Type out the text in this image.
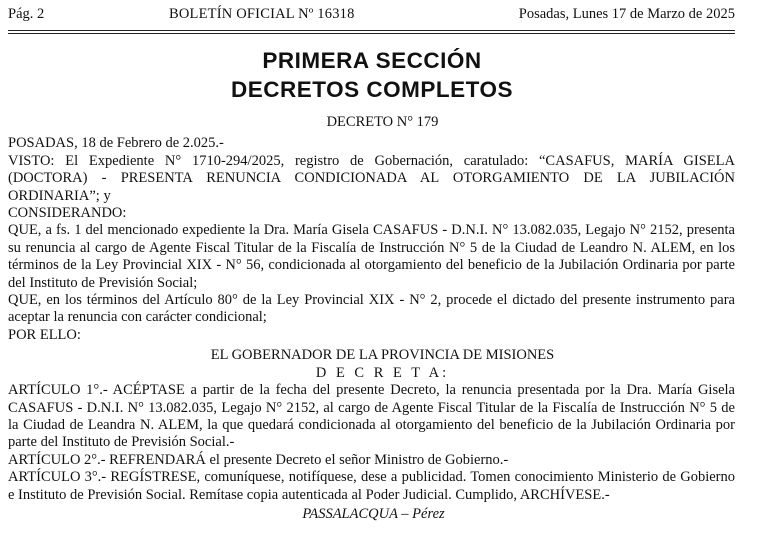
Pág. 2	BOLETÍN OFICIAL Nº 16318	Posadas, Lunes 17 de Marzo de 2025
PRIMERA SECCIÓN
DECRETOS COMPLETOS

DECRETO N° 179

POSADAS, 18 de Febrero de 2.025.-

VISTO: El Expediente N° 1710-294/2025, registro de Gobernación, caratulado: “CASAFUS, MARÍA GISELA (DOCTORA) - PRESENTA RENUNCIA CONDICIONADA AL OTORGAMIENTO DE LA JUBILACIÓN ORDINARIA”; y

CONSIDERANDO:

QUE, a fs. 1 del mencionado expediente la Dra. María Gisela CASAFUS - D.N.I. N° 13.082.035, Legajo N° 2152, presenta su renuncia al cargo de Agente Fiscal Titular de la Fiscalía de Instrucción N° 5 de la Ciudad de Leandro N. ALEM, en los términos de la Ley Provincial XIX - N° 56, condicionada al otorgamiento del beneficio de la Jubilación Ordinaria por parte del Instituto de Previsión Social;

QUE, en los términos del Artículo 80° de la Ley Provincial XIX - N° 2, procede el dictado del presente instrumento para aceptar la renuncia con carácter condicional;

POR ELLO:

EL GOBERNADOR DE LA PROVINCIA DE MISIONES

D E C R E T A:

ARTÍCULO 1°.- ACÉPTASE a partir de la fecha del presente Decreto, la renuncia presentada por la Dra. María Gisela CASAFUS - D.N.I. N° 13.082.035, Legajo N° 2152, al cargo de Agente Fiscal Titular de la Fiscalía de Instrucción N° 5 de la Ciudad de Leandra N. ALEM, la que quedará condicionada al otorgamiento del beneficio de la Jubilación Ordinaria por parte del Instituto de Previsión Social.-

ARTÍCULO 2°.- REFRENDARÁ el presente Decreto el señor Ministro de Gobierno.-

ARTÍCULO 3°.- REGÍSTRESE, comuníquese, notifíquese, dese a publicidad. Tomen conocimiento Ministerio de Gobierno e Instituto de Previsión Social. Remítase copia autenticada al Poder Judicial. Cumplido, ARCHÍVESE.-

PASSALACQUA – Pérez
